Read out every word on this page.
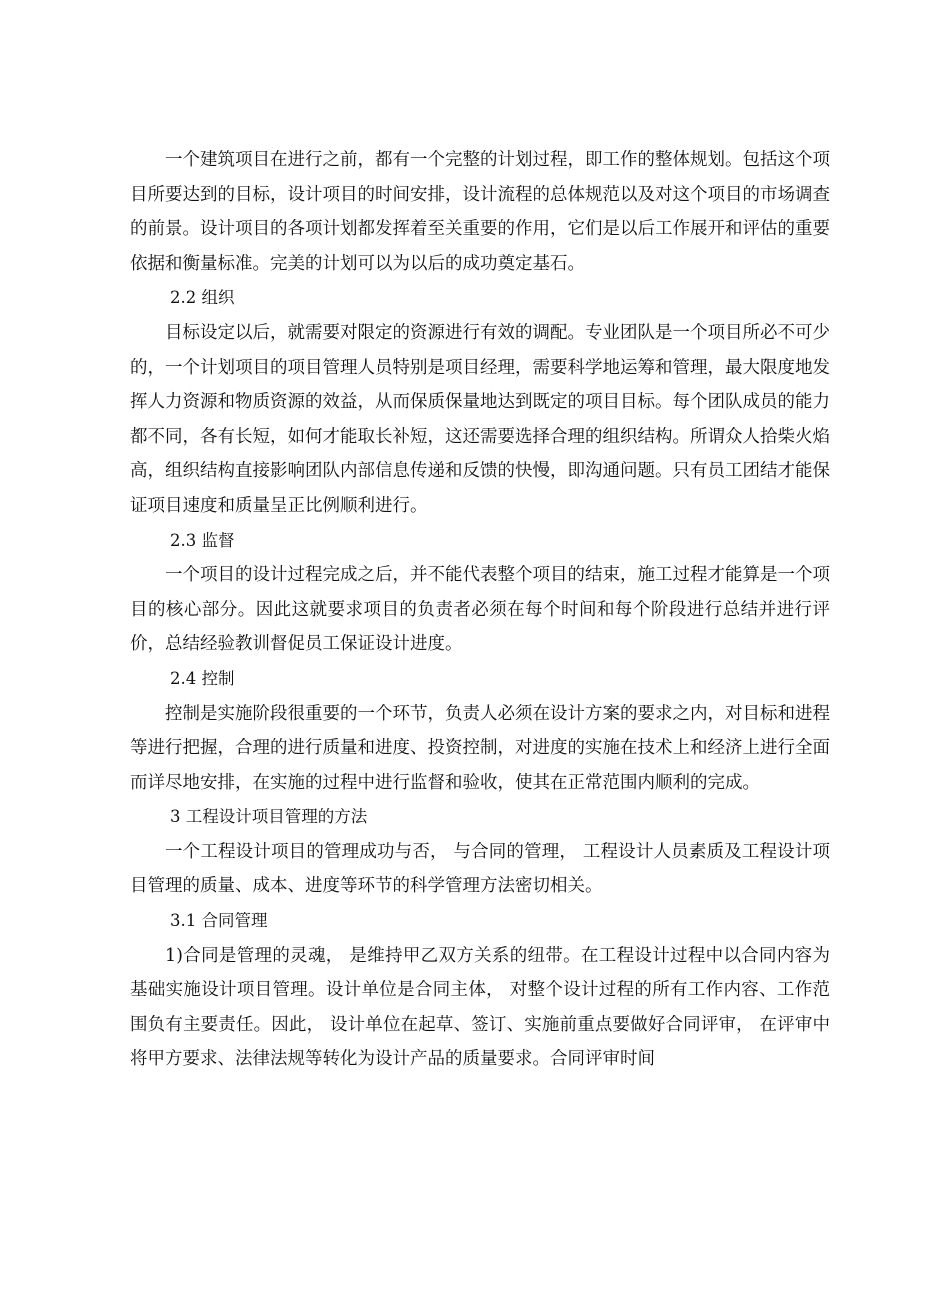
一个建筑项目在进行之前，都有一个完整的计划过程，即工作的整体规划。包括这个项目所要达到的目标，设计项目的时间安排，设计流程的总体规范以及对这个项目的市场调查的前景。设计项目的各项计划都发挥着至关重要的作用，它们是以后工作展开和评估的重要依据和衡量标准。完美的计划可以为以后的成功奠定基石。

2.2 组织

目标设定以后，就需要对限定的资源进行有效的调配。专业团队是一个项目所必不可少的，一个计划项目的项目管理人员特别是项目经理，需要科学地运筹和管理，最大限度地发挥人力资源和物质资源的效益，从而保质保量地达到既定的项目目标。每个团队成员的能力都不同，各有长短，如何才能取长补短，这还需要选择合理的组织结构。所谓众人拾柴火焰高，组织结构直接影响团队内部信息传递和反馈的快慢，即沟通问题。只有员工团结才能保证项目速度和质量呈正比例顺利进行。

2.3 监督

一个项目的设计过程完成之后，并不能代表整个项目的结束，施工过程才能算是一个项目的核心部分。因此这就要求项目的负责者必须在每个时间和每个阶段进行总结并进行评价，总结经验教训督促员工保证设计进度。

2.4 控制

控制是实施阶段很重要的一个环节，负责人必须在设计方案的要求之内，对目标和进程等进行把握，合理的进行质量和进度、投资控制，对进度的实施在技术上和经济上进行全面而详尽地安排，在实施的过程中进行监督和验收，使其在正常范围内顺利的完成。

3 工程设计项目管理的方法

一个工程设计项目的管理成功与否， 与合同的管理， 工程设计人员素质及工程设计项目管理的质量、成本、进度等环节的科学管理方法密切相关。

3.1 合同管理

1)合同是管理的灵魂， 是维持甲乙双方关系的纽带。在工程设计过程中以合同内容为基础实施设计项目管理。设计单位是合同主体， 对整个设计过程的所有工作内容、工作范围负有主要责任。因此， 设计单位在起草、签订、实施前重点要做好合同评审， 在评审中将甲方要求、法律法规等转化为设计产品的质量要求。合同评审时间
